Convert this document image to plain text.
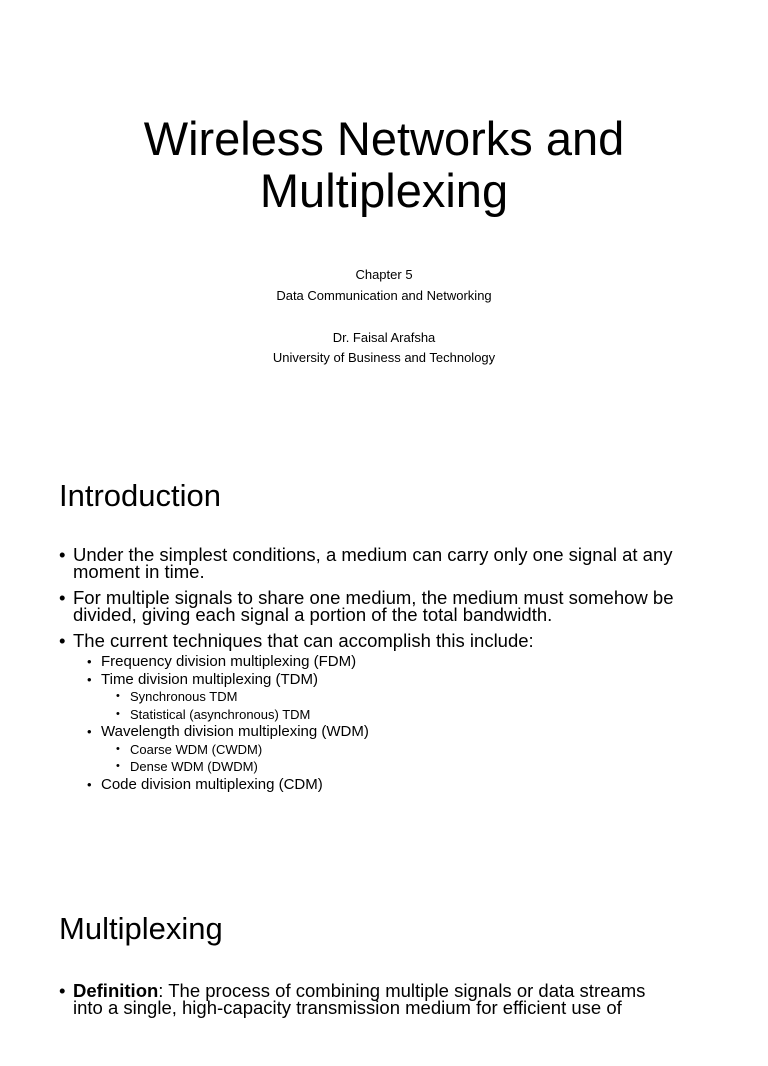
Wireless Networks and
Multiplexing
Chapter 5
Data Communication and Networking
Dr. Faisal Arafsha
University of Business and Technology
Introduction
• Under the simplest conditions, a medium can carry only one signal at any
moment in time.
• For multiple signals to share one medium, the medium must somehow be
divided, giving each signal a portion of the total bandwidth.
• The current techniques that can accomplish this include:
• Frequency division multiplexing (FDM)
• Time division multiplexing (TDM)
• Synchronous TDM
• Statistical (asynchronous) TDM
• Wavelength division multiplexing (WDM)
• Coarse WDM (CWDM)
• Dense WDM (DWDM)
• Code division multiplexing (CDM)
Multiplexing
• Definition: The process of combining multiple signals or data streams
into a single, high-capacity transmission medium for efficient use of
